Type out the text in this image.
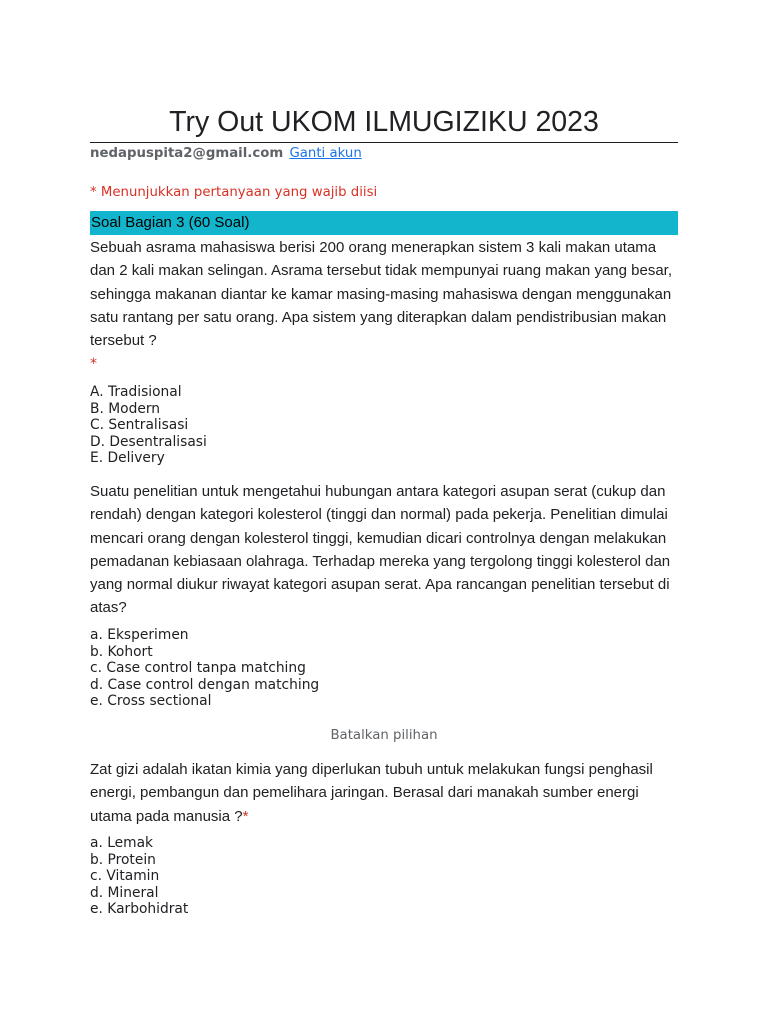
Try Out UKOM ILMUGIZIKU 2023
nedapuspita2@gmail.com Ganti akun
* Menunjukkan pertanyaan yang wajib diisi
Soal Bagian 3 (60 Soal)
Sebuah asrama mahasiswa berisi 200 orang menerapkan sistem 3 kali makan utama
dan 2 kali makan selingan. Asrama tersebut tidak mempunyai ruang makan yang besar,
sehingga makanan diantar ke kamar masing-masing mahasiswa dengan menggunakan
satu rantang per satu orang. Apa sistem yang diterapkan dalam pendistribusian makan
tersebut ?
*
A. Tradisional
B. Modern
C. Sentralisasi
D. Desentralisasi
E. Delivery
Suatu penelitian untuk mengetahui hubungan antara kategori asupan serat (cukup dan
rendah) dengan kategori kolesterol (tinggi dan normal) pada pekerja. Penelitian dimulai
mencari orang dengan kolesterol tinggi, kemudian dicari controlnya dengan melakukan
pemadanan kebiasaan olahraga. Terhadap mereka yang tergolong tinggi kolesterol dan
yang normal diukur riwayat kategori asupan serat. Apa rancangan penelitian tersebut di
atas?
a. Eksperimen
b. Kohort
c. Case control tanpa matching
d. Case control dengan matching
e. Cross sectional
Batalkan pilihan
Zat gizi adalah ikatan kimia yang diperlukan tubuh untuk melakukan fungsi penghasil
energi, pembangun dan pemelihara jaringan. Berasal dari manakah sumber energi
utama pada manusia ?*
a. Lemak
b. Protein
c. Vitamin
d. Mineral
e. Karbohidrat
